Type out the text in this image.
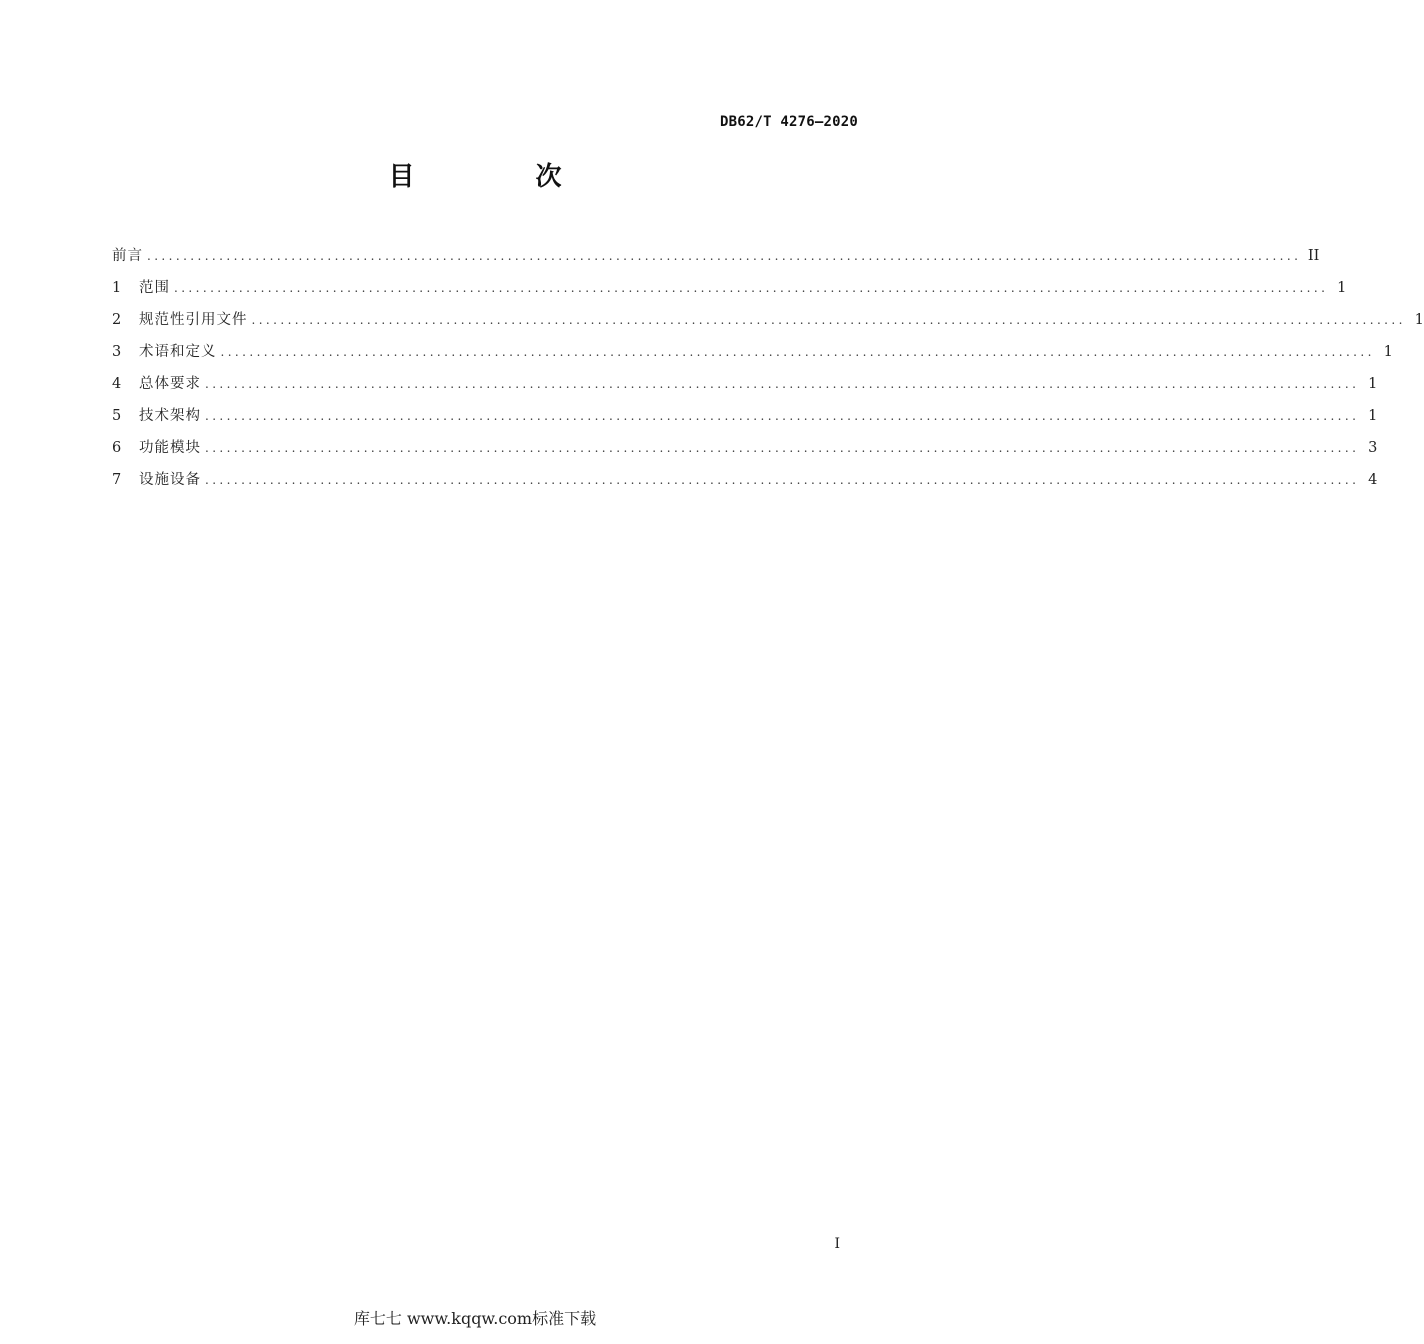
DB62/T 4276—2020
目 次
前言 ................................................................................................................................................................ II
1	范围 ................................................................................................................................................................ 1
2	规范性引用文件 ................................................................................................................................................................ 1
3	术语和定义 ................................................................................................................................................................ 1
4	总体要求 ................................................................................................................................................................ 1
5	技术架构 ................................................................................................................................................................ 1
6	功能模块 ................................................................................................................................................................ 3
7	设施设备 ................................................................................................................................................................ 4
I
库七七 www.kqqw.com标准下载
